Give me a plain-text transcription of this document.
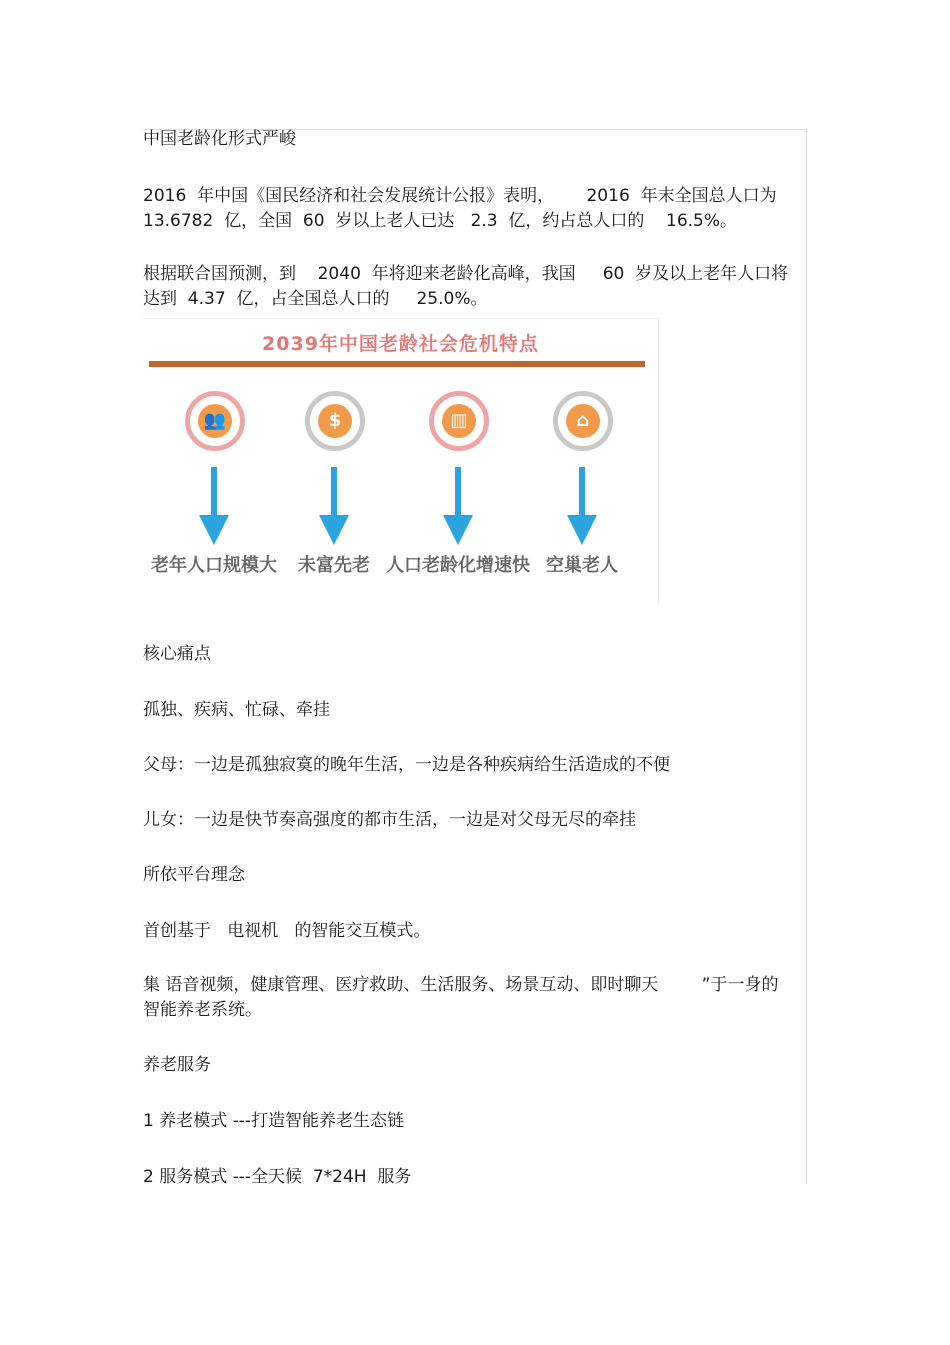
中国老龄化形式严峻
2016  年中国《国民经济和社会发展统计公报》表明，      2016  年末全国总人口为
13.6782  亿，全国  60  岁以上老人已达   2.3  亿，约占总人口的    16.5%。
根据联合国预测，到    2040  年将迎来老龄化高峰，我国     60  岁及以上老年人口将
达到  4.37  亿，占全国总人口的     25.0%。
2039年中国老龄社会危机特点
👥
老年人口规模大
$
未富先老
▥
人口老龄化增速快
⌂
空巢老人
核心痛点
孤独、疾病、忙碌、牵挂
父母：一边是孤独寂寞的晚年生活，一边是各种疾病给生活造成的不便
儿女：一边是快节奏高强度的都市生活，一边是对父母无尽的牵挂
所依平台理念
首创基于   电视机   的智能交互模式。
集 语音视频，健康管理、医疗救助、生活服务、场景互动、即时聊天        ”于一身的
智能养老系统。
养老服务
1 养老模式 ---打造智能养老生态链
2 服务模式 ---全天候  7*24H  服务
